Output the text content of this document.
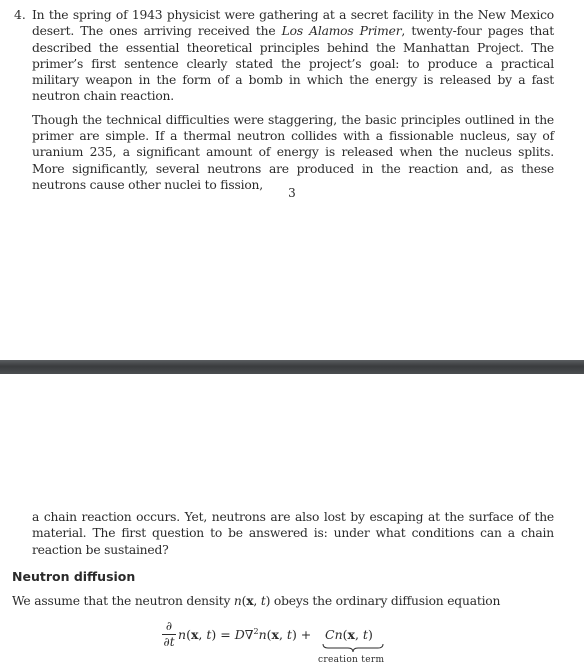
4. In the spring of 1943 physicist were gathering at a secret facility in the New Mexico desert. The ones arriving received the Los Alamos Primer, twenty-four pages that described the essential theoretical principles behind the Manhattan Project. The primer’s first sentence clearly stated the project’s goal: to produce a practical military weapon in the form of a bomb in which the energy is released by a fast neutron chain reaction.

Though the technical difficulties were staggering, the basic principles outlined in the primer are simple. If a thermal neutron collides with a fissionable nucleus, say of uranium 235, a significant amount of energy is released when the nucleus splits. More significantly, several neutrons are produced in the reaction and, as these neutrons cause other nuclei to fission,

3

a chain reaction occurs. Yet, neutrons are also lost by escaping at the surface of the material. The first question to be answered is: under what conditions can a chain reaction be sustained?

Neutron diffusion
We assume that the neutron density n(x, t) obeys the ordinary diffusion equation
∂
∂t n(x, t) = D∇$^2$n(x, t) + Cn(x, t)
creation term
